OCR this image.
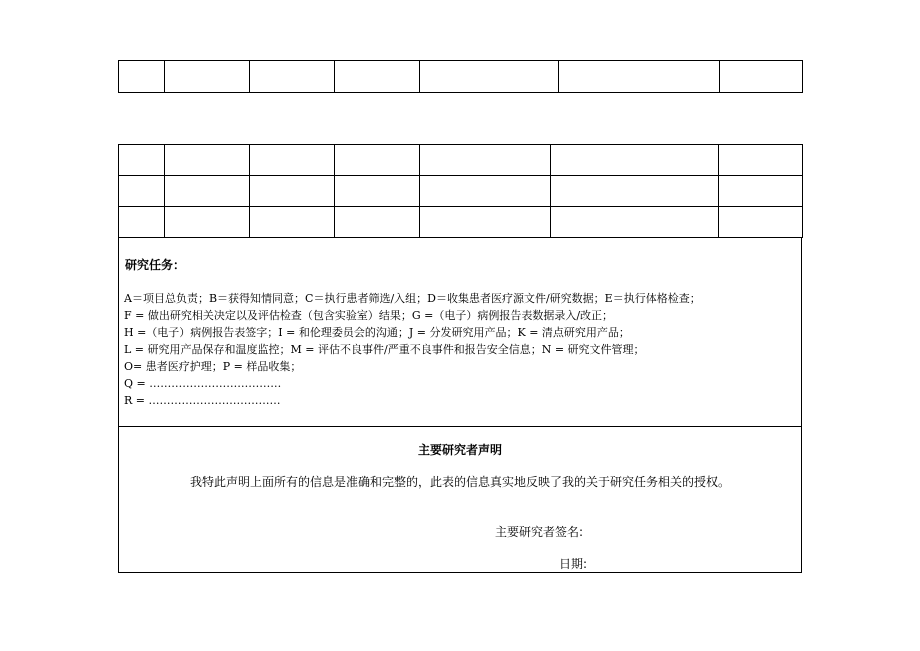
研究任务：
A＝项目总负责；B＝获得知情同意；C＝执行患者筛选/入组；D＝收集患者医疗源文件/研究数据；E＝执行体格检查；
F = 做出研究相关决定以及评估检查（包含实验室）结果；G =（电子）病例报告表数据录入/改正；
H =（电子）病例报告表签字；I = 和伦理委员会的沟通；J = 分发研究用产品；K = 清点研究用产品；
L = 研究用产品保存和温度监控；M = 评估不良事件/严重不良事件和报告安全信息；N = 研究文件管理；
O= 患者医疗护理；P = 样品收集；
Q = ………………………………
R = ………………………………
主要研究者声明
我特此声明上面所有的信息是准确和完整的，此表的信息真实地反映了我的关于研究任务相关的授权。
主要研究者签名:
日期:
